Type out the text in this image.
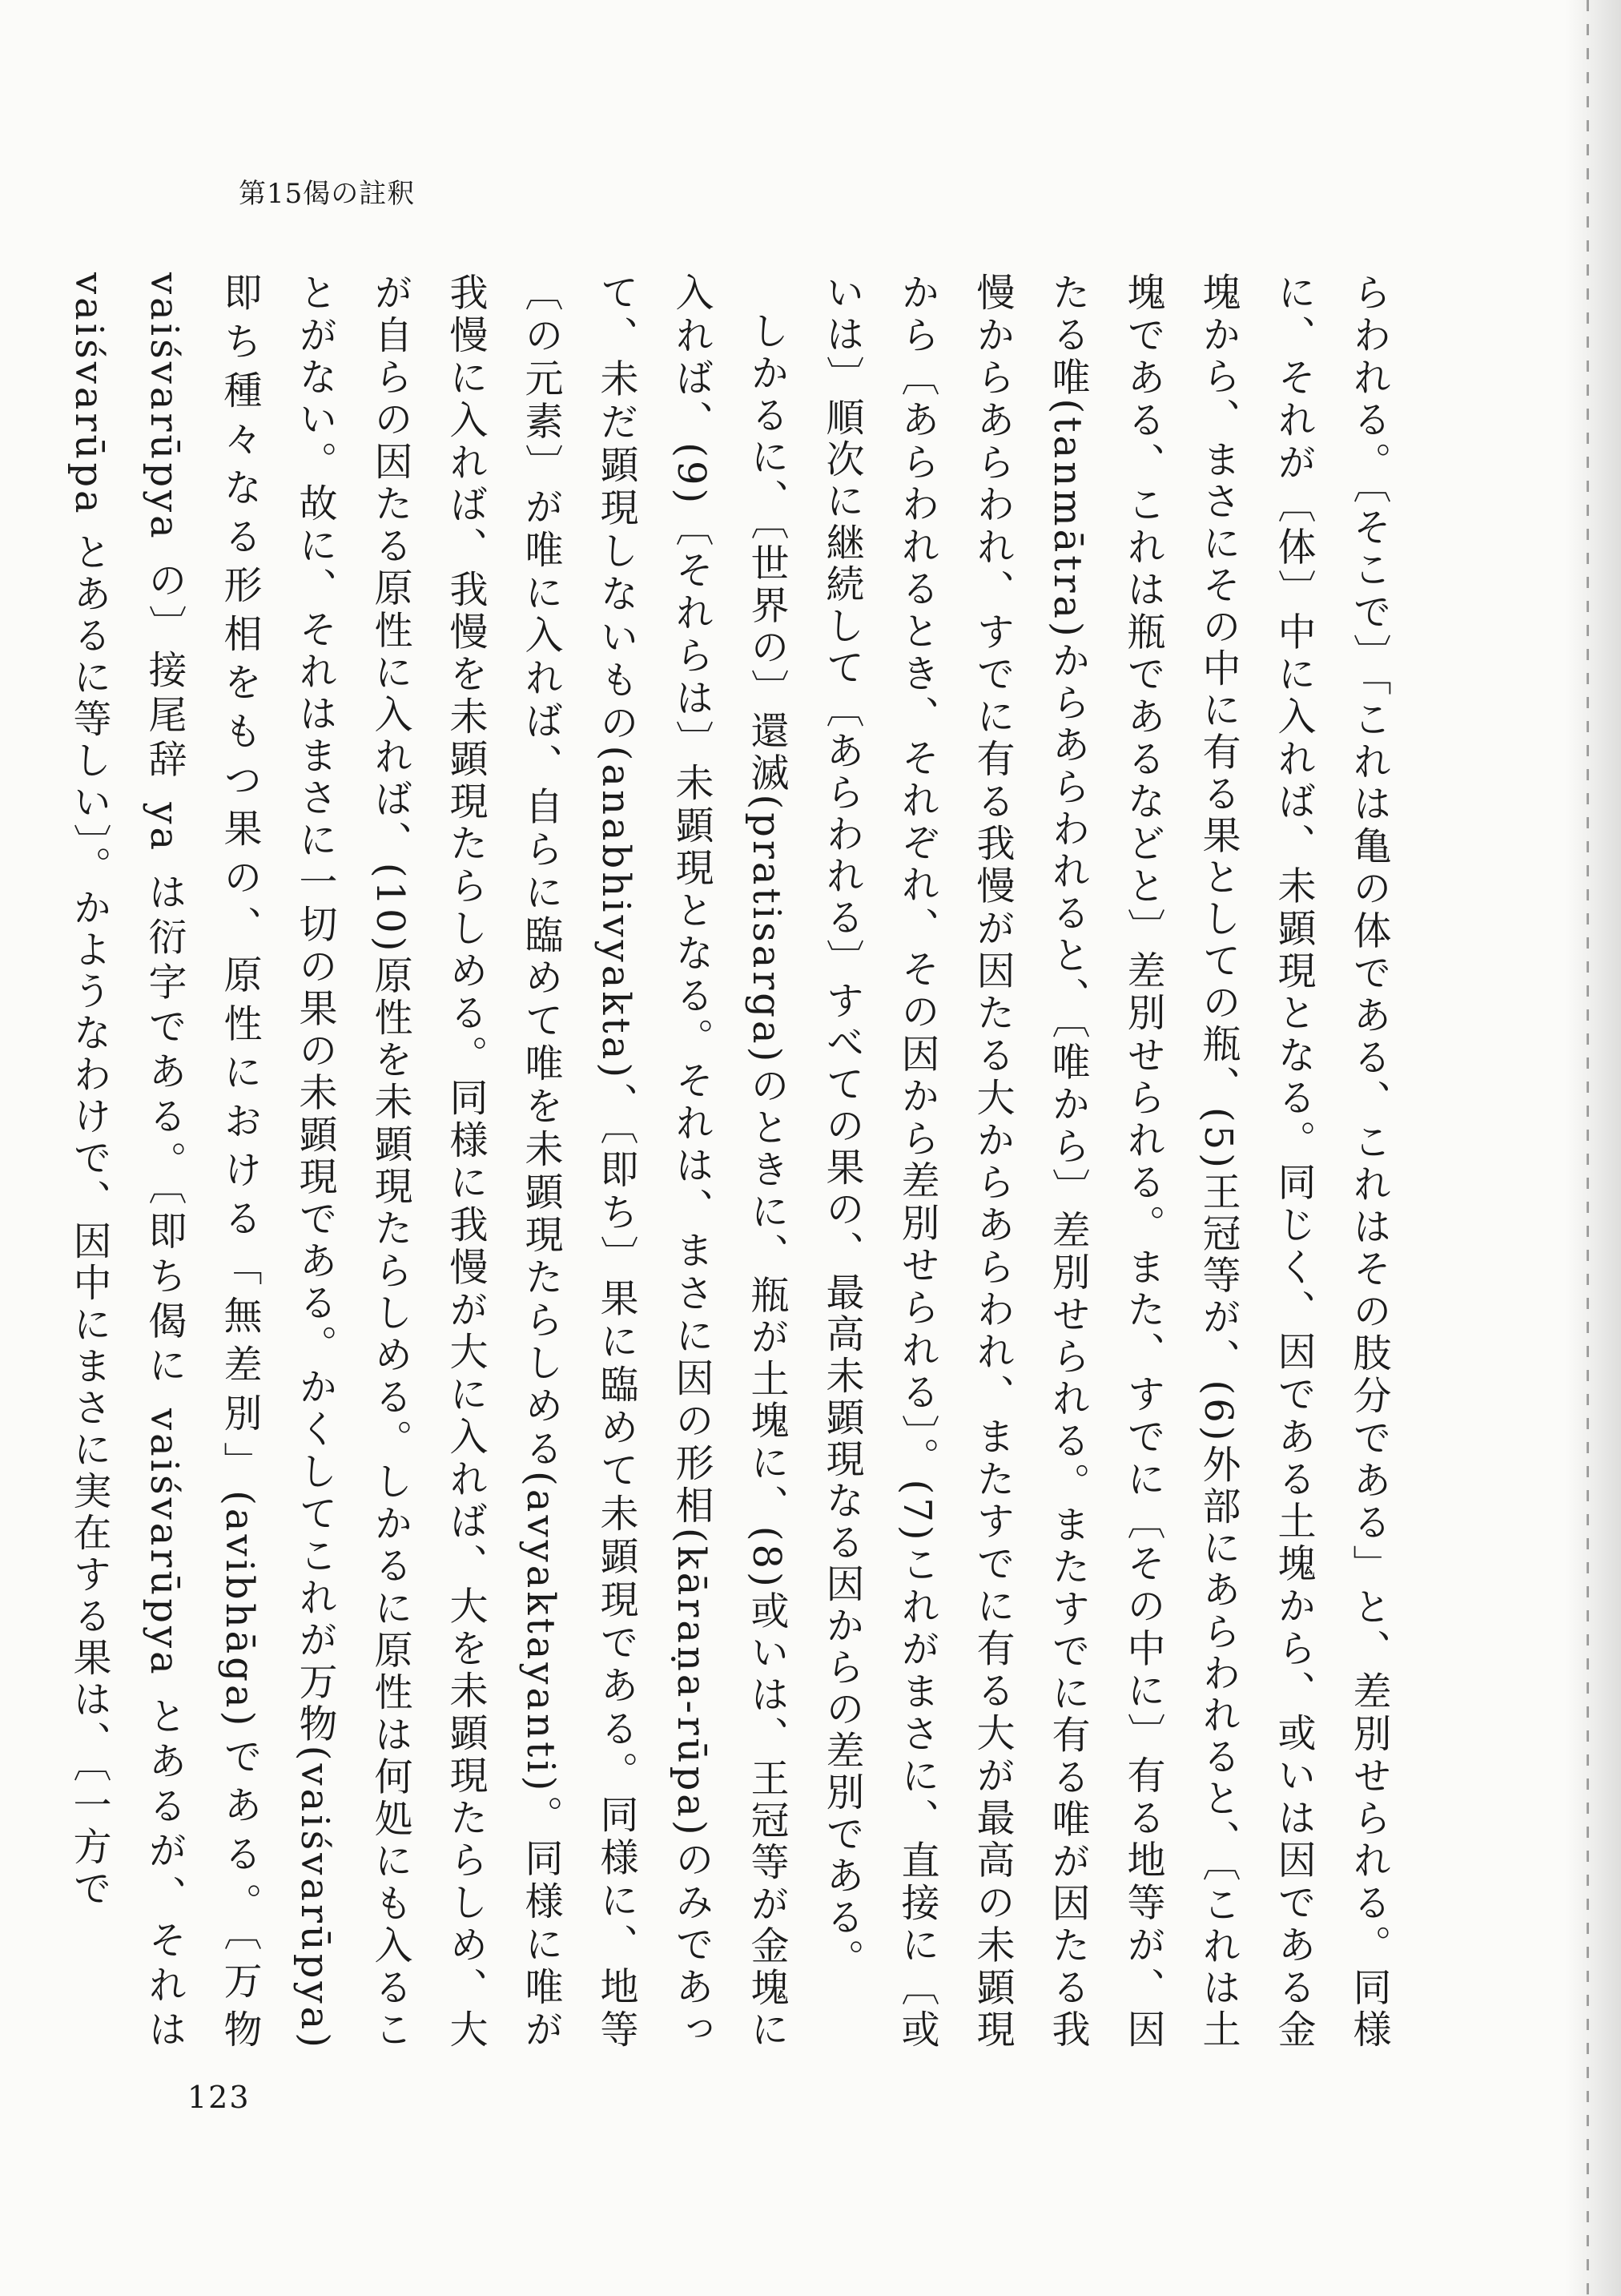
第15偈の註釈

らわれる。〔そこで〕「これは亀の体である、これはその肢分である」と、差別せられる。同様に、それが〔体〕中に入れば、未顕現となる。同じく、因である土塊から、或いは因である金塊から、まさにその中に有る果としての瓶、(5)王冠等が、(6)外部にあらわれると、〔これは土塊である、これは瓶であるなどと〕差別せられる。また、すでに〔その中に〕有る地等が、因たる唯(tanmātra)からあらわれると、〔唯から〕差別せられる。またすでに有る唯が因たる我慢からあらわれ、すでに有る我慢が因たる大からあらわれ、またすでに有る大が最高の未顕現から〔あらわれるとき、それぞれ、その因から差別せられる〕。(7)これがまさに、直接に〔或いは〕順次に継続して〔あらわれる〕すべての果の、最高未顕現なる因からの差別である。

しかるに、〔世界の〕還滅(pratisarga)のときに、瓶が土塊に、(8)或いは、王冠等が金塊に入れば、(9)〔それらは〕未顕現となる。それは、まさに因の形相(kāraṇa-rūpa)のみであって、未だ顕現しないもの(anabhivyakta)、〔即ち〕果に臨めて未顕現である。同様に、地等〔の元素〕が唯に入れば、自らに臨めて唯を未顕現たらしめる(avyaktayanti)。同様に唯が我慢に入れば、我慢を未顕現たらしめる。同様に我慢が大に入れば、大を未顕現たらしめ、大が自らの因たる原性に入れば、(10)原性を未顕現たらしめる。しかるに原性は何処にも入ることがない。故に、それはまさに一切の果の未顕現である。かくしてこれが万物(vaiśvarūpya)即ち種々なる形相をもつ果の、原性における「無差別」(avibhāga)である。〔万物 vaiśvarūpya の〕接尾辞 ya は衍字である。〔即ち偈に vaiśvarūpya とあるが、それは vaiśvarūpa とあるに等しい〕。かようなわけで、因中にまさに実在する果は、〔一方で

123
